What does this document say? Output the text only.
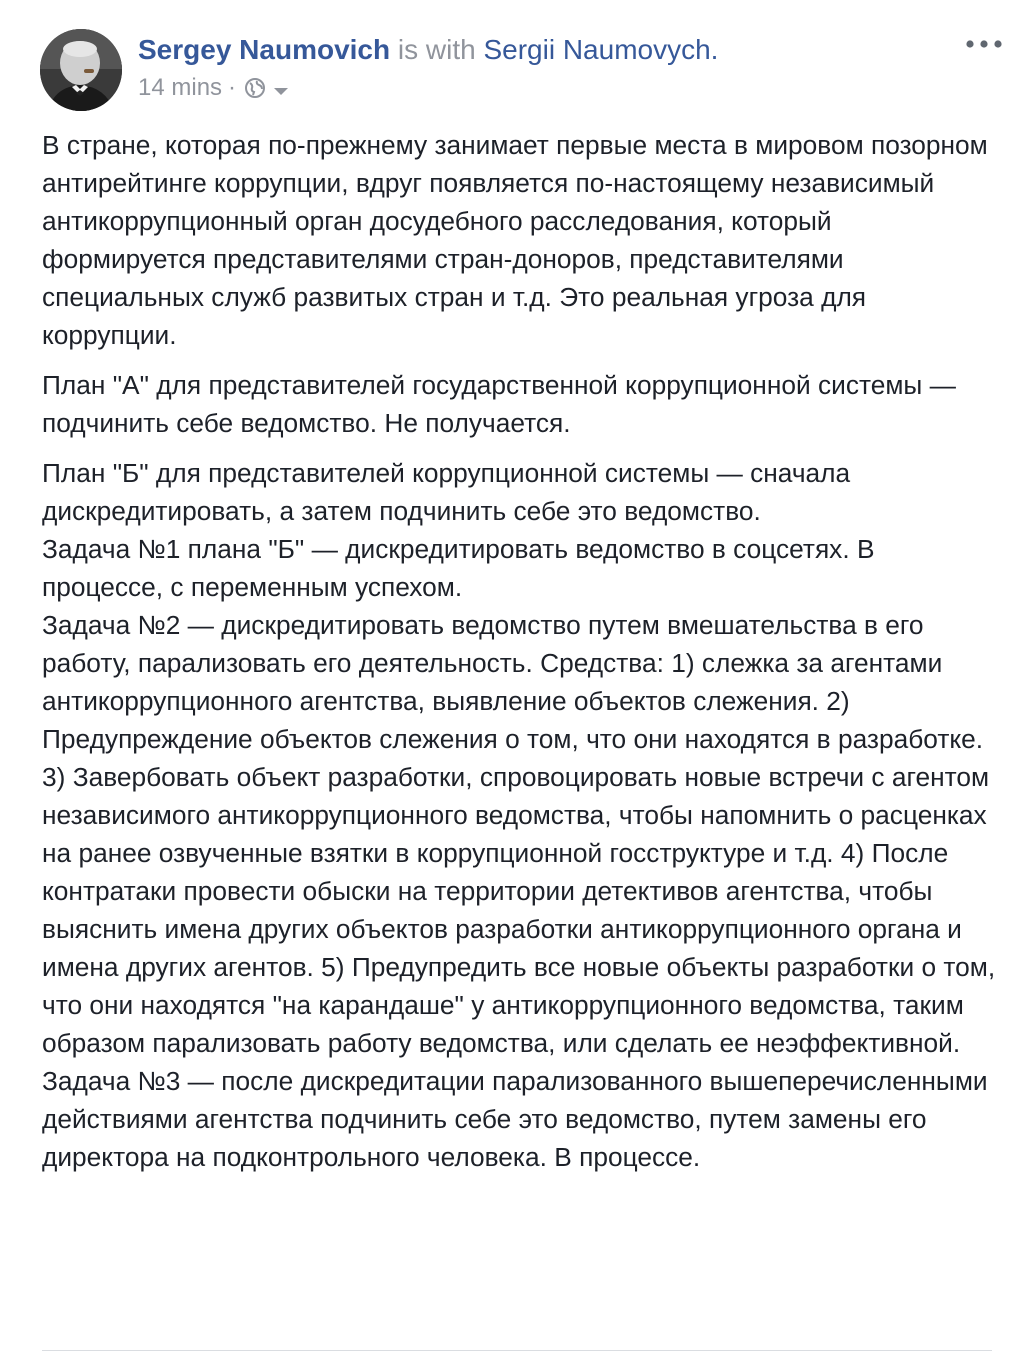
Sergey Naumovich is with Sergii Naumovych.
14 mins ·

В стране, которая по-прежнему занимает первые места в мировом позорном антирейтинге коррупции, вдруг появляется по-настоящему независимый антикоррупционный орган досудебного расследования, который формируется представителями стран-доноров, представителями специальных служб развитых стран и т.д. Это реальная угроза для коррупции.

План "А" для представителей государственной коррупционной системы — подчинить себе ведомство. Не получается.

План "Б" для представителей коррупционной системы — сначала дискредитировать, а затем подчинить себе это ведомство.
Задача №1 плана "Б" — дискредитировать ведомство в соцсетях. В процессе, с переменным успехом.
Задача №2 — дискредитировать ведомство путем вмешательства в его работу, парализовать его деятельность. Средства: 1) слежка за агентами антикоррупционного агентства, выявление объектов слежения. 2) Предупреждение объектов слежения о том, что они находятся в разработке. 3) Завербовать объект разработки, спровоцировать новые встречи с агентом независимого антикоррупционного ведомства, чтобы напомнить о расценках на ранее озвученные взятки в коррупционной госструктуре и т.д. 4) После контратаки провести обыски на территории детективов агентства, чтобы выяснить имена других объектов разработки антикоррупционного органа и имена других агентов. 5) Предупредить все новые объекты разработки о том, что они находятся "на карандаше" у антикоррупционного ведомства, таким образом парализовать работу ведомства, или сделать ее неэффективной.
Задача №3 — после дискредитации парализованного вышеперечисленными действиями агентства подчинить себе это ведомство, путем замены его директора на подконтрольного человека. В процессе.
